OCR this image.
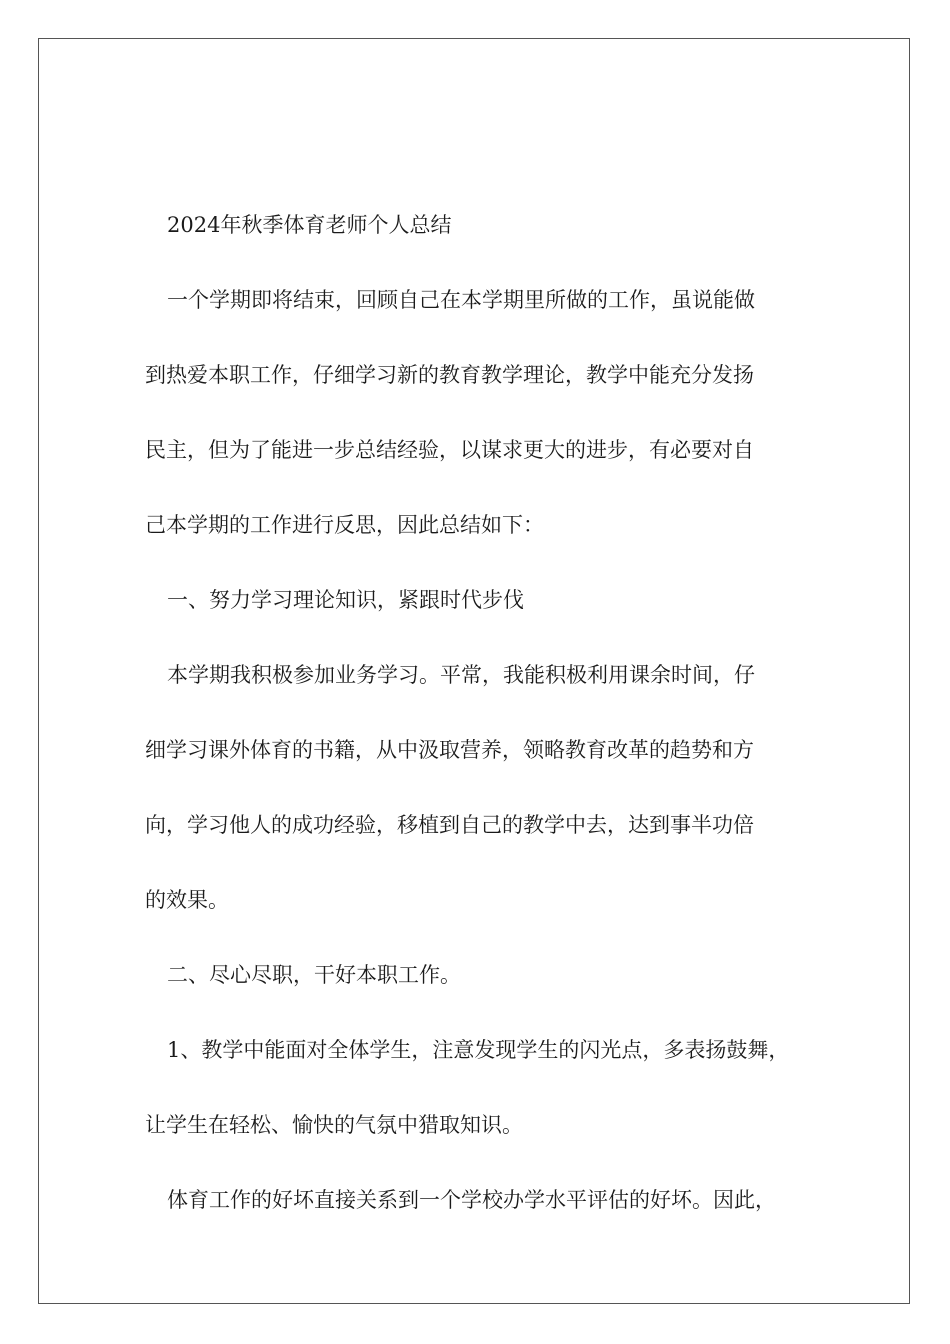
2024年秋季体育老师个人总结
一个学期即将结束，回顾自己在本学期里所做的工作，虽说能做
到热爱本职工作，仔细学习新的教育教学理论，教学中能充分发扬
民主，但为了能进一步总结经验，以谋求更大的进步，有必要对自
己本学期的工作进行反思，因此总结如下：
一、努力学习理论知识，紧跟时代步伐
本学期我积极参加业务学习。平常，我能积极利用课余时间，仔
细学习课外体育的书籍，从中汲取营养，领略教育改革的趋势和方
向，学习他人的成功经验，移植到自己的教学中去，达到事半功倍
的效果。
二、尽心尽职，干好本职工作。
1、教学中能面对全体学生，注意发现学生的闪光点，多表扬鼓舞，
让学生在轻松、愉快的气氛中猎取知识。
体育工作的好坏直接关系到一个学校办学水平评估的好坏。因此，
